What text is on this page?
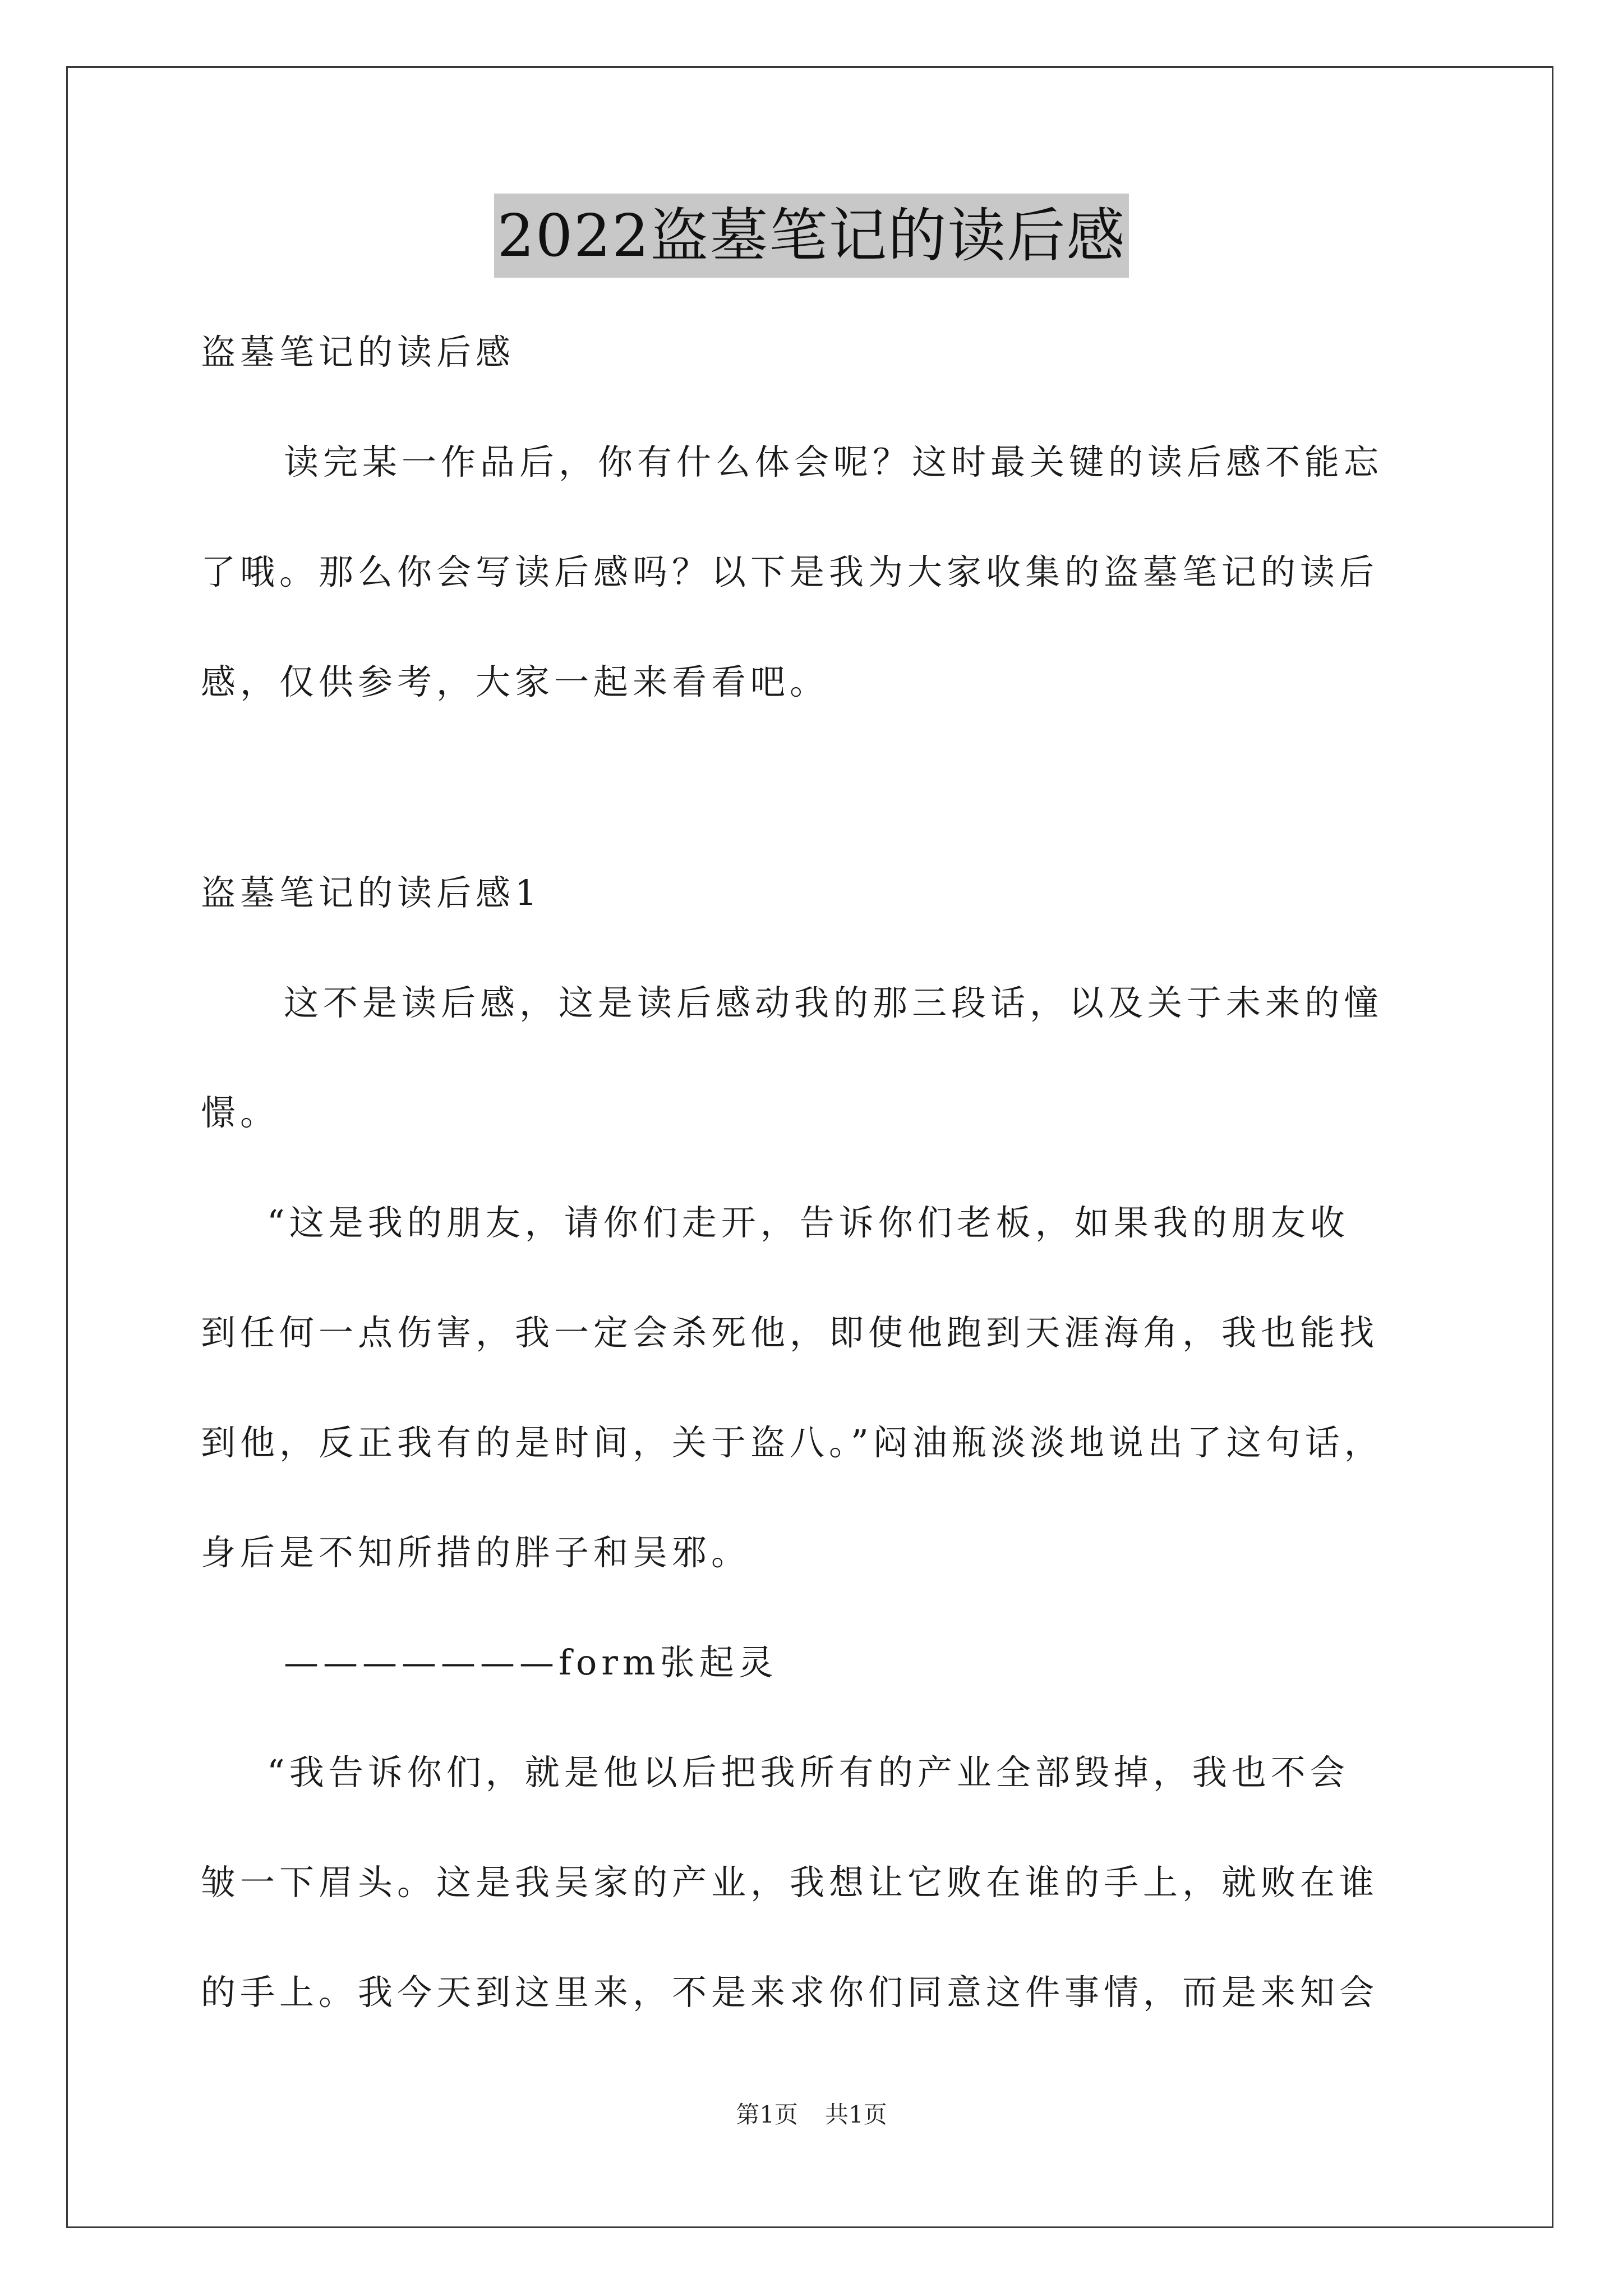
2022盗墓笔记的读后感
盗墓笔记的读后感
读完某一作品后，你有什么体会呢？这时最关键的读后感不能忘
了哦。那么你会写读后感吗？以下是我为大家收集的盗墓笔记的读后
感，仅供参考，大家一起来看看吧。
盗墓笔记的读后感1
这不是读后感，这是读后感动我的那三段话，以及关于未来的憧
憬。
“这是我的朋友，请你们走开，告诉你们老板，如果我的朋友收
到任何一点伤害，我一定会杀死他，即使他跑到天涯海角，我也能找
到他，反正我有的是时间，关于盗八。”闷油瓶淡淡地说出了这句话，
身后是不知所措的胖子和吴邪。
———————form张起灵
“我告诉你们，就是他以后把我所有的产业全部毁掉，我也不会
皱一下眉头。这是我吴家的产业，我想让它败在谁的手上，就败在谁
的手上。我今天到这里来，不是来求你们同意这件事情，而是来知会
第1页 共1页
